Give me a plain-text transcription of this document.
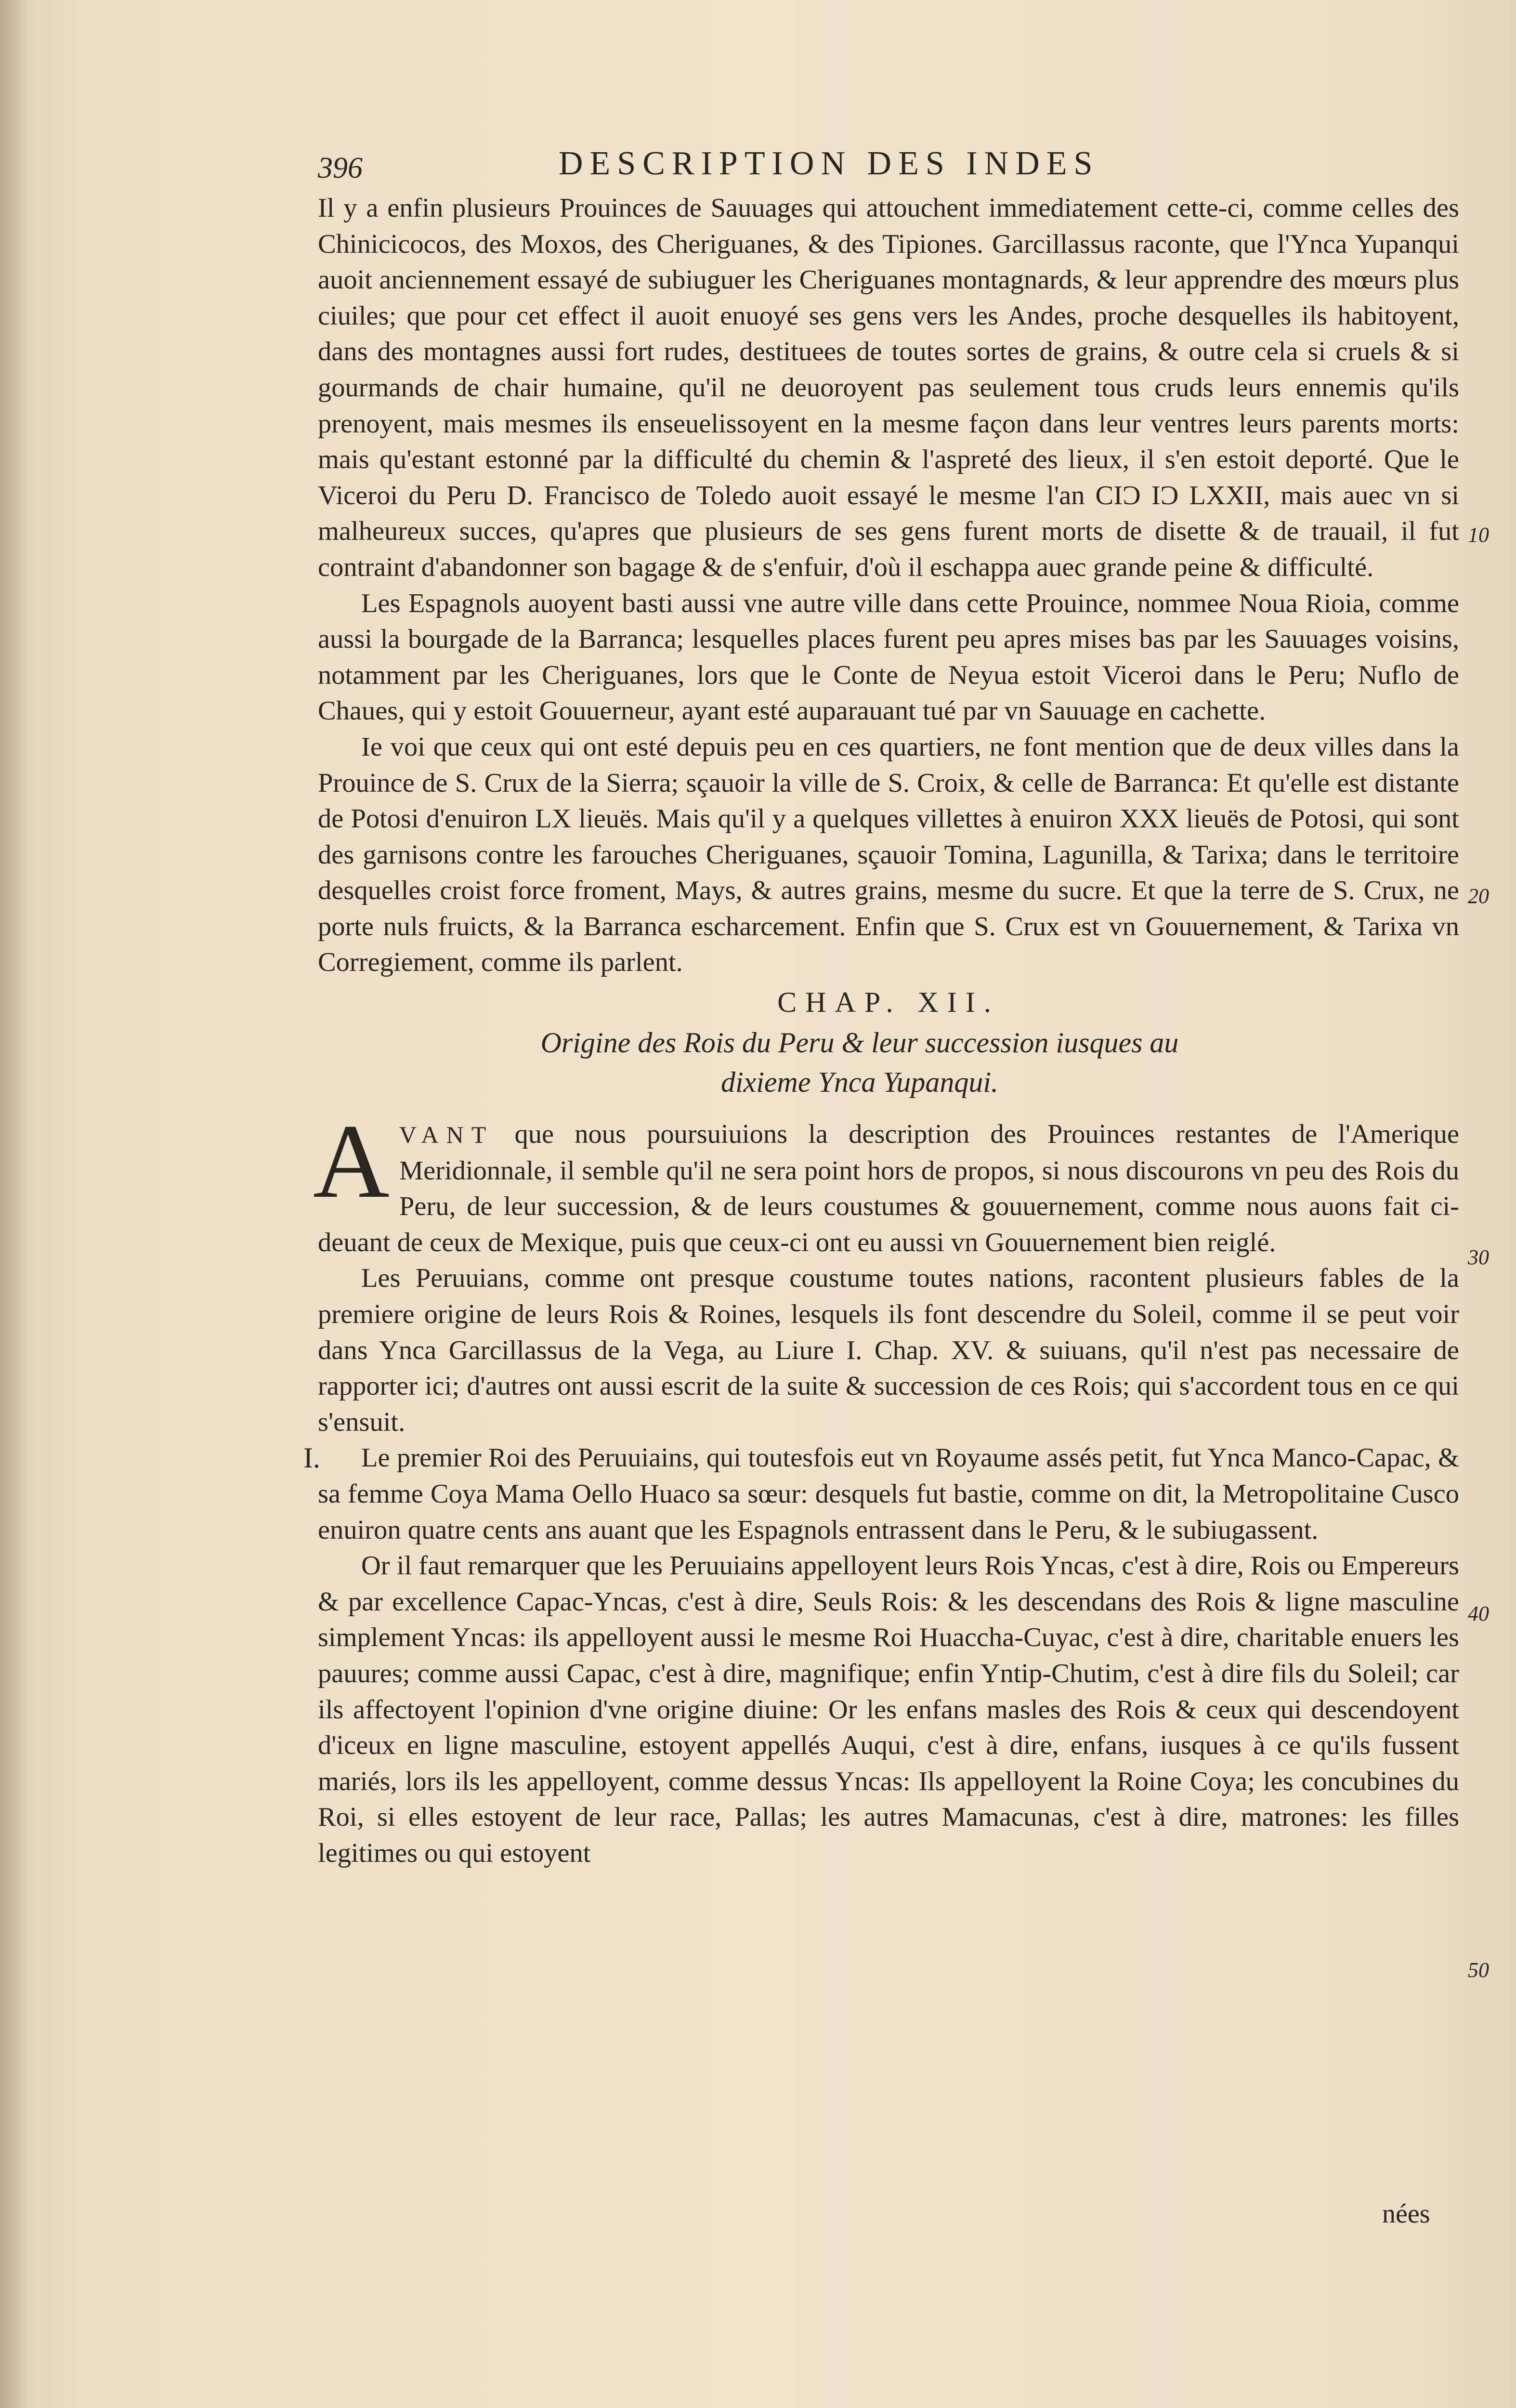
396	DESCRIPTION DES INDES

Il y a enfin plusieurs Prouinces de Sauuages qui attouchent immediatement cette-ci, comme celles des Chinicicocos, des Moxos, des Cheriguanes, & des Tipiones. Garcillassus raconte, que l'Ynca Yupanqui auoit anciennement essayé de subiuguer les Cheriguanes montagnards, & leur apprendre des mœurs plus ciuiles; que pour cet effect il auoit enuoyé ses gens vers les Andes, proche desquelles ils habitoyent, dans des montagnes aussi fort rudes, destituees de toutes sortes de grains, & outre cela si cruels & si gourmands de chair humaine, qu'il ne deuoroyent pas seulement tous cruds leurs ennemis qu'ils prenoyent, mais mesmes ils enseuelissoyent en la mesme façon dans leur ventres leurs parents morts: mais qu'estant estonné par la difficulté du chemin & l'aspreté des lieux, il s'en estoit deporté. Que le Viceroi du Peru D. Francisco de Toledo auoit essayé le mesme l'an CIƆ IƆ LXXII, mais auec vn si malheureux succes, qu'apres que plusieurs de ses gens furent morts de disette & de trauail, il fut contraint d'abandonner son bagage & de s'enfuir, d'où il eschappa auec grande peine & difficulté.

Les Espagnols auoyent basti aussi vne autre ville dans cette Prouince, nommee Noua Rioia, comme aussi la bourgade de la Barranca; lesquelles places furent peu apres mises bas par les Sauuages voisins, notamment par les Cheriguanes, lors que le Conte de Neyua estoit Viceroi dans le Peru; Nuflo de Chaues, qui y estoit Gouuerneur, ayant esté auparauant tué par vn Sauuage en cachette.

Ie voi que ceux qui ont esté depuis peu en ces quartiers, ne font mention que de deux villes dans la Prouince de S. Crux de la Sierra; sçauoir la ville de S. Croix, & celle de Barranca: Et qu'elle est distante de Potosi d'enuiron LX lieuës. Mais qu'il y a quelques villettes à enuiron XXX lieuës de Potosi, qui sont des garnisons contre les farouches Cheriguanes, sçauoir Tomina, Lagunilla, & Tarixa; dans le territoire desquelles croist force froment, Mays, & autres grains, mesme du sucre. Et que la terre de S. Crux, ne porte nuls fruicts, & la Barranca escharcement. Enfin que S. Crux est vn Gouuernement, & Tarixa vn Corregiement, comme ils parlent.

CHAP. XII.
Origine des Rois du Peru & leur succession iusques au
dixieme Ynca Yupanqui.

AVANT que nous poursuiuions la description des Prouinces restantes de l'Amerique Meridionnale, il semble qu'il ne sera point hors de propos, si nous discourons vn peu des Rois du Peru, de leur succession, & de leurs coustumes & gouuernement, comme nous auons fait ci-deuant de ceux de Mexique, puis que ceux-ci ont eu aussi vn Gouuernement bien reiglé.

Les Peruuians, comme ont presque coustume toutes nations, racontent plusieurs fables de la premiere origine de leurs Rois & Roines, lesquels ils font descendre du Soleil, comme il se peut voir dans Ynca Garcillassus de la Vega, au Liure I. Chap. XV. & suiuans, qu'il n'est pas necessaire de rapporter ici; d'autres ont aussi escrit de la suite & succession de ces Rois; qui s'accordent tous en ce qui s'ensuit.

I. Le premier Roi des Peruuiains, qui toutesfois eut vn Royaume assés petit, fut Ynca Manco-Capac, & sa femme Coya Mama Oello Huaco sa sœur: desquels fut bastie, comme on dit, la Metropolitaine Cusco enuiron quatre cents ans auant que les Espagnols entrassent dans le Peru, & le subiugassent.

Or il faut remarquer que les Peruuiains appelloyent leurs Rois Yncas, c'est à dire, Rois ou Empereurs & par excellence Capac-Yncas, c'est à dire, Seuls Rois: & les descendans des Rois & ligne masculine simplement Yncas: ils appelloyent aussi le mesme Roi Huaccha-Cuyac, c'est à dire, charitable enuers les pauures; comme aussi Capac, c'est à dire, magnifique; enfin Yntip-Chutim, c'est à dire fils du Soleil; car ils affectoyent l'opinion d'vne origine diuine: Or les enfans masles des Rois & ceux qui descendoyent d'iceux en ligne masculine, estoyent appellés Auqui, c'est à dire, enfans, iusques à ce qu'ils fussent mariés, lors ils les appelloyent, comme dessus Yncas: Ils appelloyent la Roine Coya; les concubines du Roi, si elles estoyent de leur race, Pallas; les autres Mamacunas, c'est à dire, matrones: les filles legitimes ou qui estoyent

10
20
30
40
50
nées
